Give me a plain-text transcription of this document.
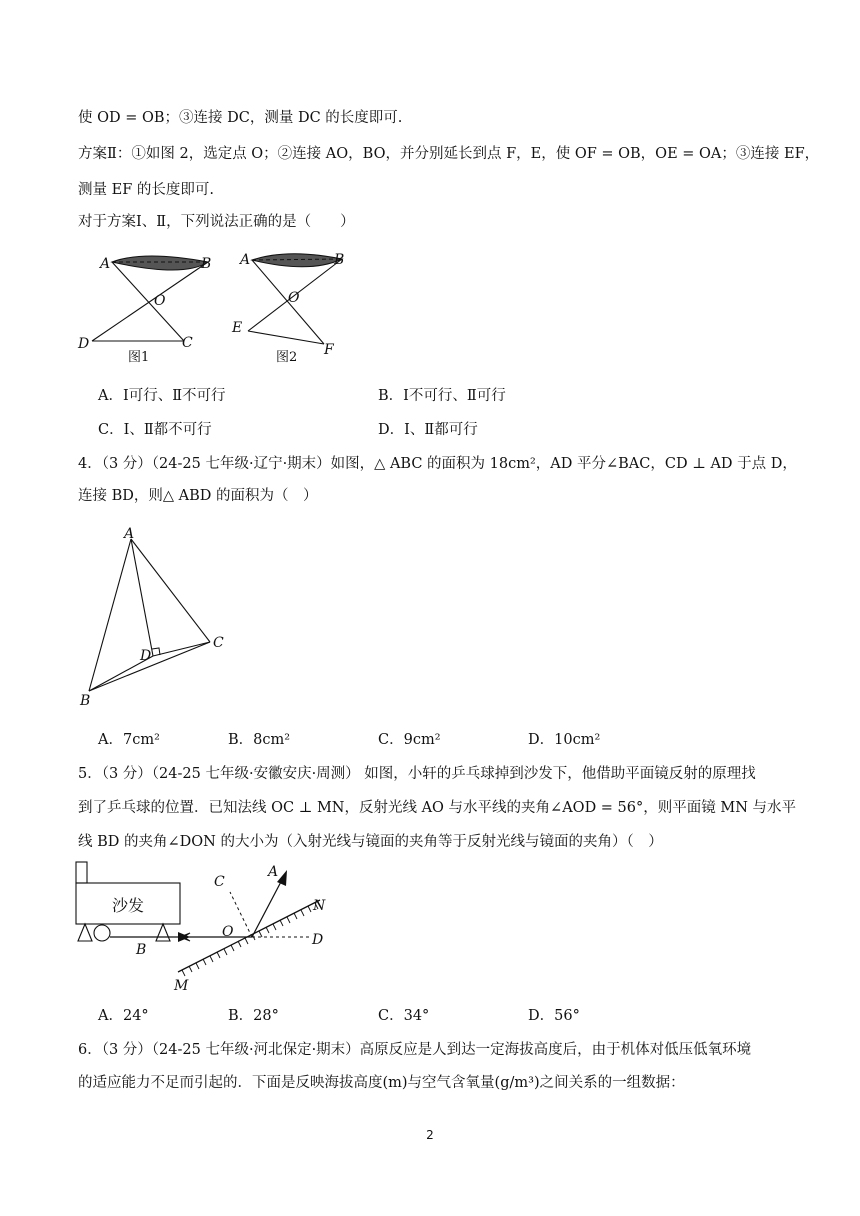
使 OD = OB；③连接 DC，测量 DC 的长度即可.
方案Ⅱ：①如图 2，选定点 O；②连接 AO，BO，并分别延长到点 F，E，使 OF = OB，OE = OA；③连接 EF，
测量 EF 的长度即可.
对于方案Ⅰ、Ⅱ，下列说法正确的是（　　）
A	B
O
D	C
图1
A	B
O
E
F
图2
A．Ⅰ可行、Ⅱ不可行	B．Ⅰ不可行、Ⅱ可行
C．Ⅰ、Ⅱ都不可行	D．Ⅰ、Ⅱ都可行
4．（3 分）（24-25 七年级·辽宁·期末）如图，△ ABC 的面积为 18cm²，AD 平分∠BAC，CD ⊥ AD 于点 D，
连接 BD，则△ ABD 的面积为（　）
A
B
C
D
A．7cm²	B．8cm²	C．9cm²	D．10cm²
5．（3 分）（24-25 七年级·安徽安庆·周测） 如图，小轩的乒乓球掉到沙发下，他借助平面镜反射的原理找
到了乒乓球的位置．已知法线 OC ⊥ MN，反射光线 AO 与水平线的夹角∠AOD = 56°，则平面镜 MN 与水平
线 BD 的夹角∠DON 的大小为（入射光线与镜面的夹角等于反射光线与镜面的夹角）（　）
沙发
C
A
N
O	D
B
M
A．24°	B．28°	C．34°	D．56°
6．（3 分）（24-25 七年级·河北保定·期末）高原反应是人到达一定海拔高度后，由于机体对低压低氧环境
的适应能力不足而引起的．下面是反映海拔高度(m)与空气含氧量(g/m³)之间关系的一组数据：
2
